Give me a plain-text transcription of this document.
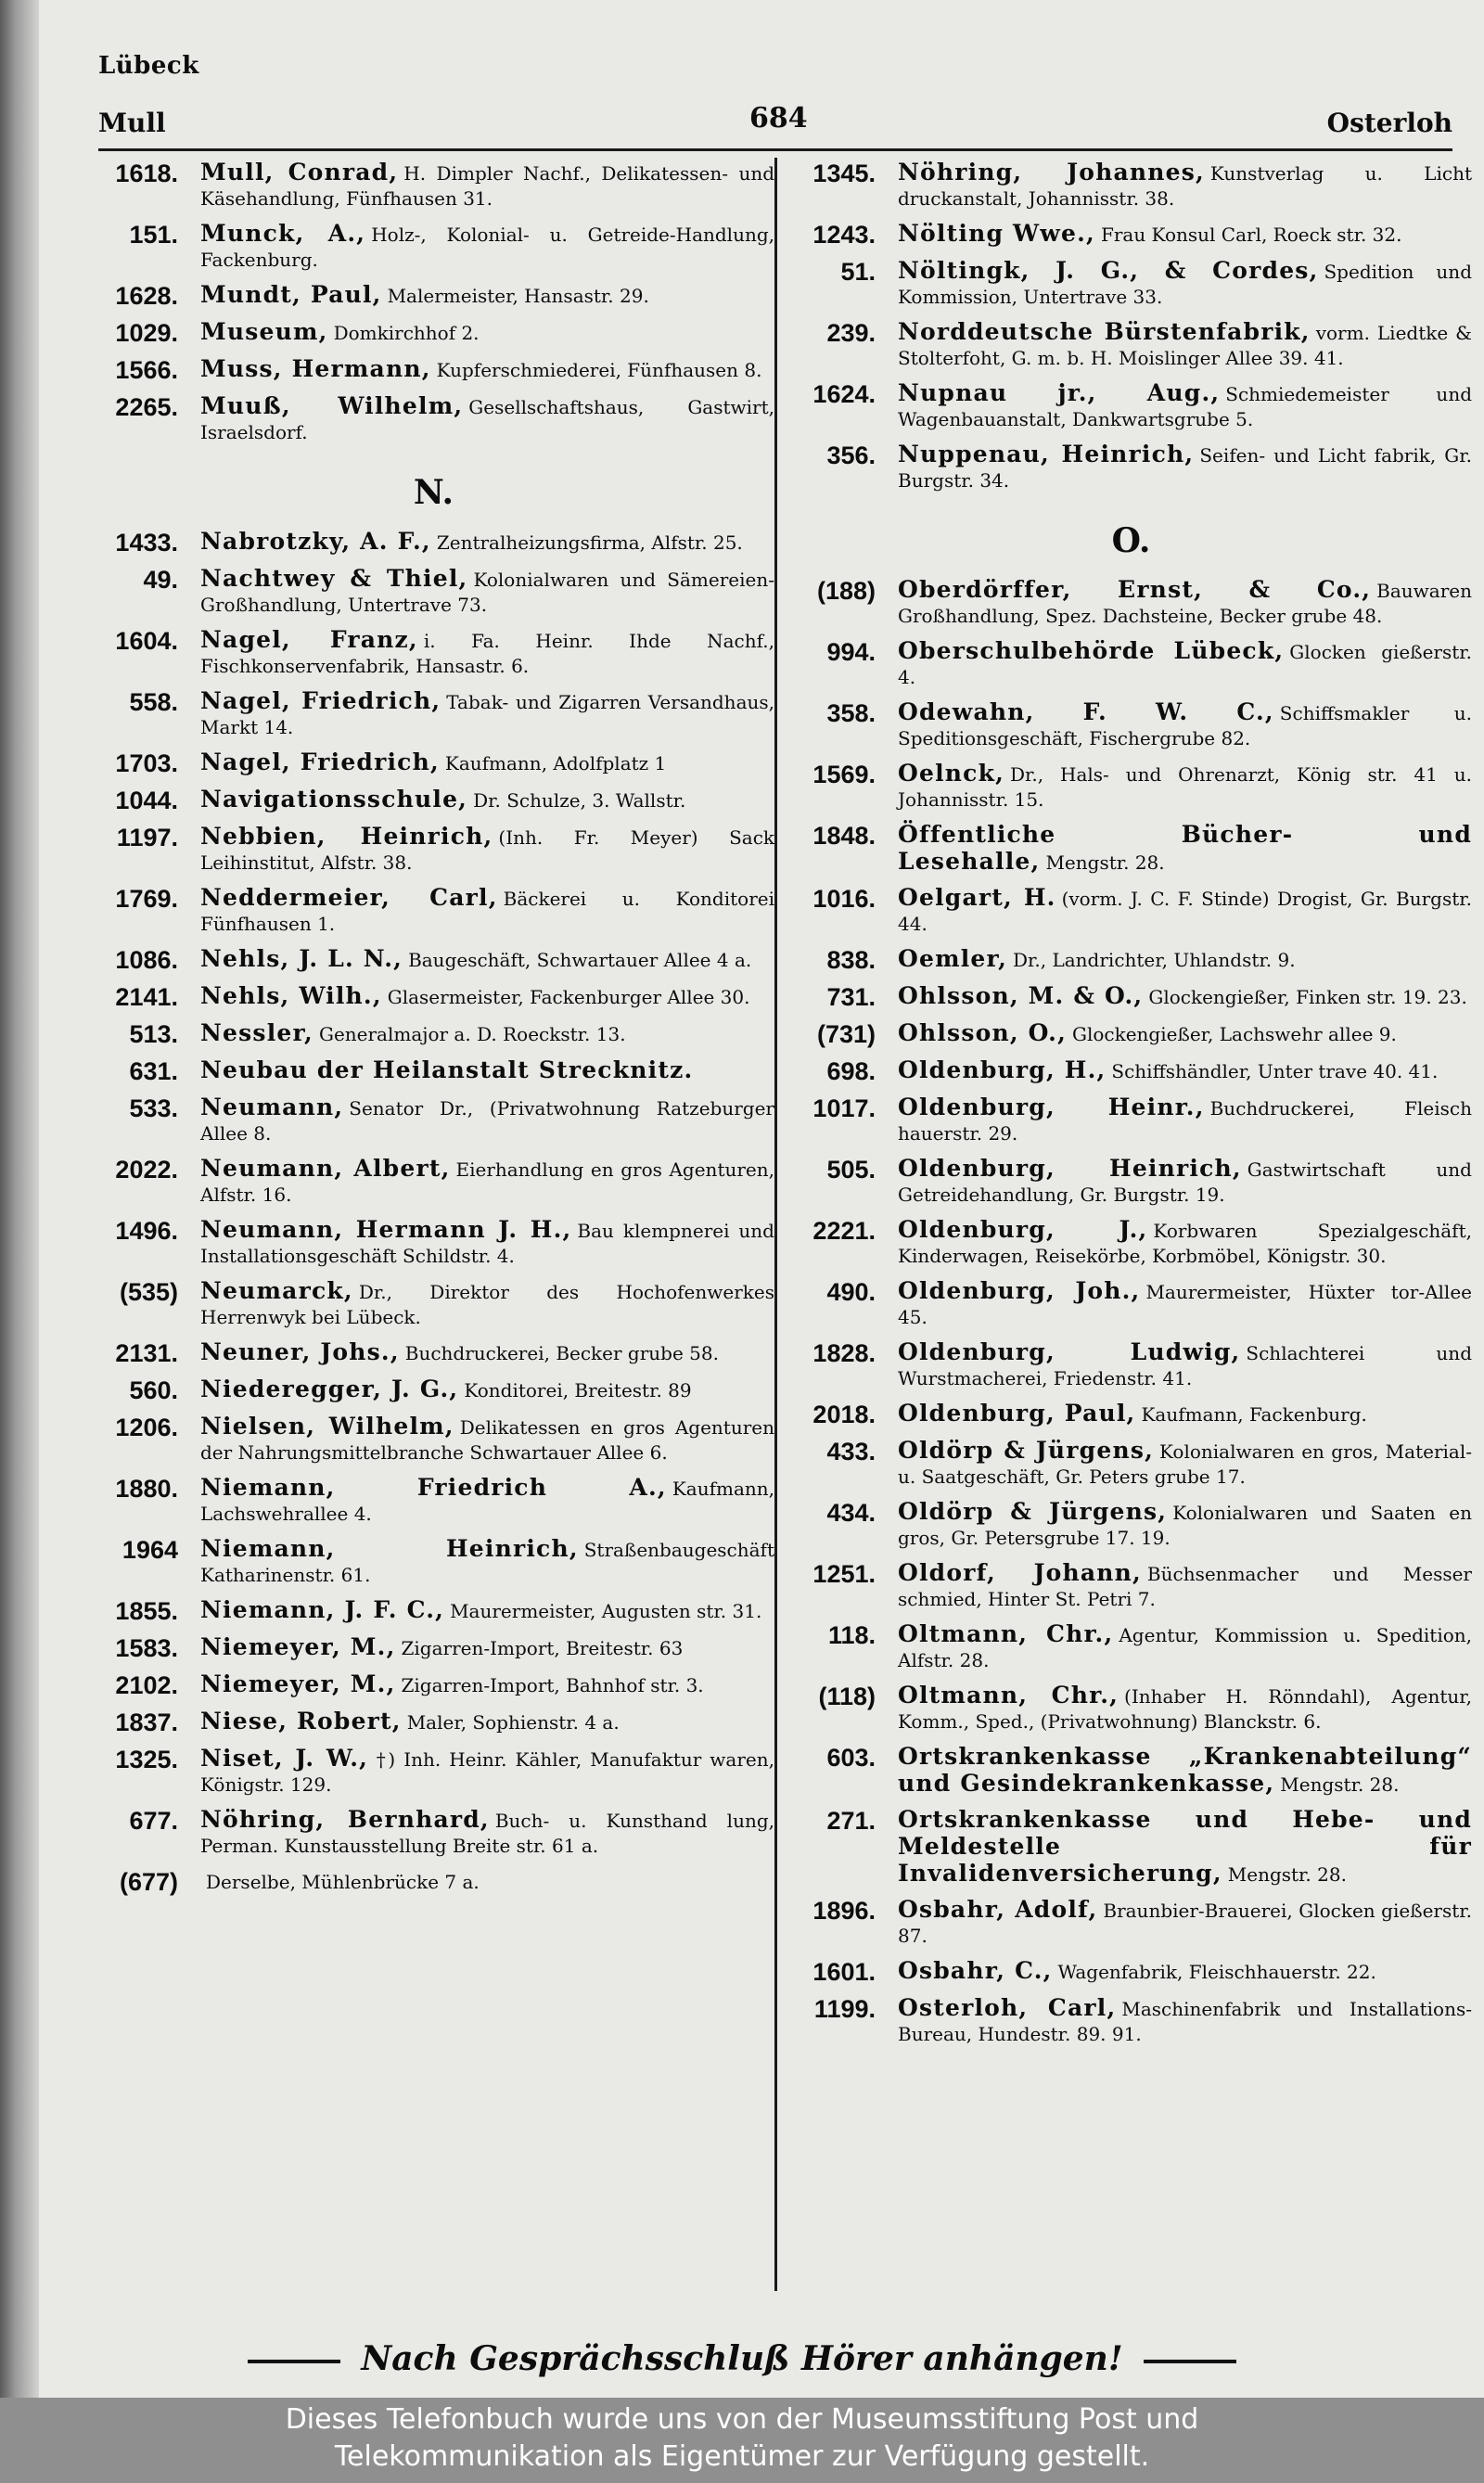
Lübeck
Mull	684	Osterloh
1618. Mull, Conrad, H. Dimpler Nachf., Delikatessen- und Käsehandlung, Fünfhausen 31.
151. Munck, A., Holz-, Kolonial- u. Getreide-Handlung, Fackenburg.
1628. Mundt, Paul, Malermeister, Hansastr. 29.
1029. Museum, Domkirchhof 2.
1566. Muss, Hermann, Kupferschmiederei, Fünfhausen 8.
2265. Muuß, Wilhelm, Gesellschaftshaus, Gastwirt, Israelsdorf.
N.
1433. Nabrotzky, A. F., Zentralheizungsfirma, Alfstr. 25.
49. Nachtwey & Thiel, Kolonialwaren und Sämereien-Großhandlung, Untertrave 73.
1604. Nagel, Franz, i. Fa. Heinr. Ihde Nachf., Fischkonservenfabrik, Hansastr. 6.
558. Nagel, Friedrich, Tabak- und Zigarren Versandhaus, Markt 14.
1703. Nagel, Friedrich, Kaufmann, Adolfplatz 1
1044. Navigationsschule, Dr. Schulze, 3. Wallstr.
1197. Nebbien, Heinrich, (Inh. Fr. Meyer) Sack Leihinstitut, Alfstr. 38.
1769. Neddermeier, Carl, Bäckerei u. Konditorei Fünfhausen 1.
1086. Nehls, J. L. N., Baugeschäft, Schwartauer Allee 4 a.
2141. Nehls, Wilh., Glasermeister, Fackenburger Allee 30.
513. Nessler, Generalmajor a. D. Roeckstr. 13.
631. Neubau der Heilanstalt Strecknitz.
533. Neumann, Senator Dr., (Privatwohnung Ratzeburger Allee 8.
2022. Neumann, Albert, Eierhandlung en gros Agenturen, Alfstr. 16.
1496. Neumann, Hermann J. H., Bau klempnerei und Installationsgeschäft Schildstr. 4.
(535) Neumarck, Dr., Direktor des Hochofenwerkes Herrenwyk bei Lübeck.
2131. Neuner, Johs., Buchdruckerei, Becker grube 58.
560. Niederegger, J. G., Konditorei, Breitestr. 89
1206. Nielsen, Wilhelm, Delikatessen en gros Agenturen der Nahrungsmittelbranche Schwartauer Allee 6.
1880. Niemann, Friedrich A., Kaufmann, Lachswehrallee 4.
1964 Niemann, Heinrich, Straßenbaugeschäft Katharinenstr. 61.
1855. Niemann, J. F. C., Maurermeister, Augusten str. 31.
1583. Niemeyer, M., Zigarren-Import, Breitestr. 63
2102. Niemeyer, M., Zigarren-Import, Bahnhof str. 3.
1837. Niese, Robert, Maler, Sophienstr. 4 a.
1325. Niset, J. W., †) Inh. Heinr. Kähler, Manufaktur waren, Königstr. 129.
677. Nöhring, Bernhard, Buch- u. Kunsthand lung, Perman. Kunstausstellung Breite str. 61 a.
(677)	Derselbe, Mühlenbrücke 7 a.
1345. Nöhring, Johannes, Kunstverlag u. Licht druckanstalt, Johannisstr. 38.
1243. Nölting Wwe., Frau Konsul Carl, Roeck str. 32.
51. Nöltingk, J. G., & Cordes, Spedition und Kommission, Untertrave 33.
239. Norddeutsche Bürstenfabrik, vorm. Liedtke & Stolterfoht, G. m. b. H. Moislinger Allee 39. 41.
1624. Nupnau jr., Aug., Schmiedemeister und Wagenbauanstalt, Dankwartsgrube 5.
356. Nuppenau, Heinrich, Seifen- und Licht fabrik, Gr. Burgstr. 34.
O.
(188) Oberdörffer, Ernst, & Co., Bauwaren Großhandlung, Spez. Dachsteine, Becker grube 48.
994. Oberschulbehörde Lübeck, Glocken gießerstr. 4.
358. Odewahn, F. W. C., Schiffsmakler u. Speditionsgeschäft, Fischergrube 82.
1569. Oelnck, Dr., Hals- und Ohrenarzt, König str. 41 u. Johannisstr. 15.
1848. Öffentliche Bücher- und Lesehalle, Mengstr. 28.
1016. Oelgart, H. (vorm. J. C. F. Stinde) Drogist, Gr. Burgstr. 44.
838. Oemler, Dr., Landrichter, Uhlandstr. 9.
731. Ohlsson, M. & O., Glockengießer, Finken str. 19. 23.
(731) Ohlsson, O., Glockengießer, Lachswehr allee 9.
698. Oldenburg, H., Schiffshändler, Unter trave 40. 41.
1017. Oldenburg, Heinr., Buchdruckerei, Fleisch hauerstr. 29.
505. Oldenburg, Heinrich, Gastwirtschaft und Getreidehandlung, Gr. Burgstr. 19.
2221. Oldenburg, J., Korbwaren Spezialgeschäft, Kinderwagen, Reisekörbe, Korbmöbel, Königstr. 30.
490. Oldenburg, Joh., Maurermeister, Hüxter tor-Allee 45.
1828. Oldenburg, Ludwig, Schlachterei und Wurstmacherei, Friedenstr. 41.
2018. Oldenburg, Paul, Kaufmann, Fackenburg.
433. Oldörp & Jürgens, Kolonialwaren en gros, Material- u. Saatgeschäft, Gr. Peters grube 17.
434. Oldörp & Jürgens, Kolonialwaren und Saaten en gros, Gr. Petersgrube 17. 19.
1251. Oldorf, Johann, Büchsenmacher und Messer schmied, Hinter St. Petri 7.
118. Oltmann, Chr., Agentur, Kommission u. Spedition, Alfstr. 28.
(118) Oltmann, Chr., (Inhaber H. Rönndahl), Agentur, Komm., Sped., (Privatwohnung) Blanckstr. 6.
603. Ortskrankenkasse „Krankenabteilung“ und Gesindekrankenkasse, Mengstr. 28.
271. Ortskrankenkasse und Hebe- und Meldestelle für Invalidenversicherung, Mengstr. 28.
1896. Osbahr, Adolf, Braunbier-Brauerei, Glocken gießerstr. 87.
1601. Osbahr, C., Wagenfabrik, Fleischhauerstr. 22.
1199. Osterloh, Carl, Maschinenfabrik und Installations-Bureau, Hundestr. 89. 91.
Nach Gesprächsschluß Hörer anhängen!
Dieses Telefonbuch wurde uns von der Museumsstiftung Post und
Telekommunikation als Eigentümer zur Verfügung gestellt.
